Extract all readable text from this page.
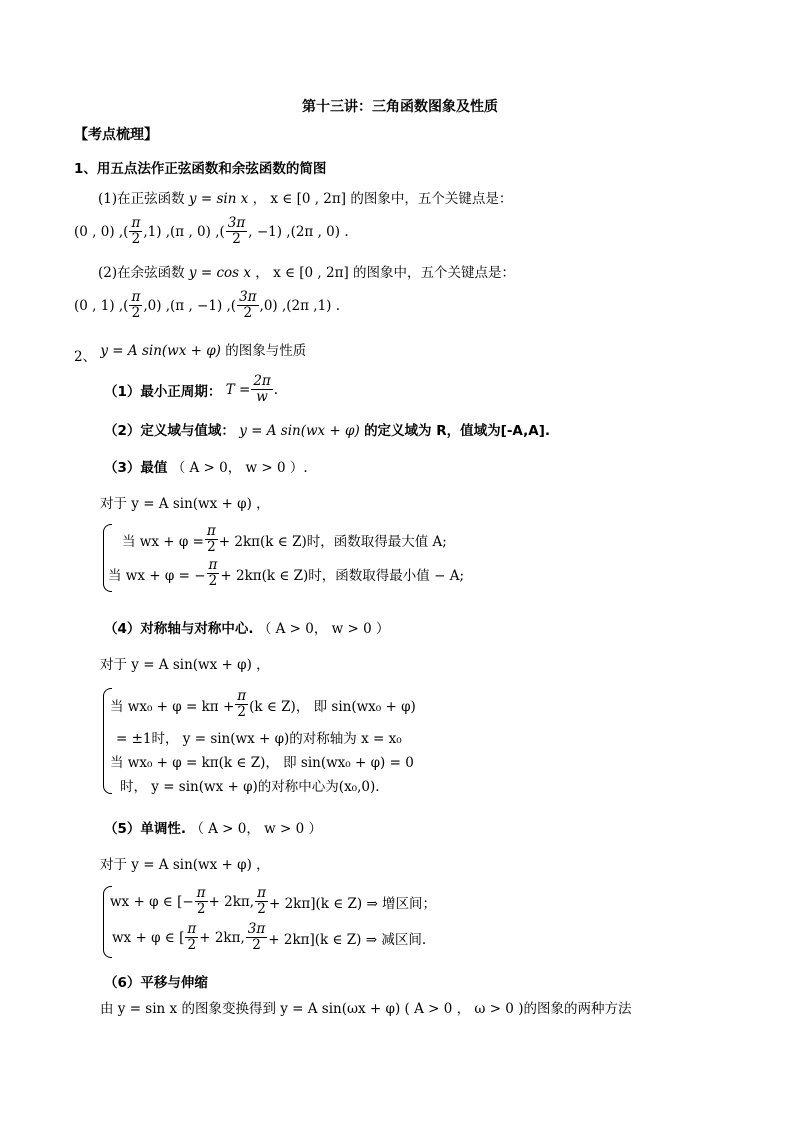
第十三讲：三角函数图象及性质
【考点梳理】
1、用五点法作正弦函数和余弦函数的简图
(1)在正弦函数 y = sin x ， x ∈ [0 , 2π] 的图象中，五个关键点是：
(0 , 0) ,( $\frac{\pi}{2} ,1$) ,(π , 0) ,( $\frac{3\pi}{2}$ , −1) ,(2π , 0) .
(2)在余弦函数 y = cos x ， x ∈ [0 , 2π] 的图象中，五个关键点是：
(0 , 1) ,( $\frac{\pi}{2} ,0$) ,(π , −1) ,( $\frac{3\pi}{2} ,0$) ,(2π ,1) .
2、 y = A sin(wx + φ) 的图象与性质
（1）最小正周期： $T = \frac{2\pi}{w}$ .
（2）定义域与值域： y = A sin(wx + φ) 的定义域为 R，值域为[-A,A].
（3）最值 （ A > 0， w > 0 ）.
对于 y = A sin(wx + φ) ，
当 wx + $\varphi = \frac{\pi}{2} + 2k\pi(k$ ∈ Z)时，函数取得最大值 A;
当 wx + φ = − $\frac{\pi}{2} + 2k\pi(k$ ∈ Z)时，函数取得最小值 − A;
（4）对称轴与对称中心. （ A > 0， w > 0 ）
对于 y = A sin(wx + φ) ，
当 $wx_0 + \varphi = k\pi + \frac{\pi}{2} (k$ ∈ Z)， 即 sin(wx₀ + φ)
= ±1时， y = sin(wx + φ)的对称轴为 x = x₀
当 wx₀ + φ = kπ(k ∈ Z)， 即 sin(wx₀ + φ) = 0
时， y = sin(wx + φ)的对称中心为(x₀,0).
（5）单调性. （ A > 0， w > 0 ）
对于 y = A sin(wx + φ) ，
wx + φ ∈ [− $\frac{\pi}{2} + 2k\pi$, $\frac{\pi}{2} + 2k\pi](k$ ∈ Z) ⇒ 增区间；
wx + φ ∈ [ $\frac{\pi}{2} + 2k\pi$, $\frac{3\pi}{2} + 2k\pi](k$ ∈ Z) ⇒ 减区间.
（6）平移与伸缩
由 y = sin x 的图象变换得到 y = A sin(ωx + φ) ( A > 0 ， ω > 0 )的图象的两种方法
